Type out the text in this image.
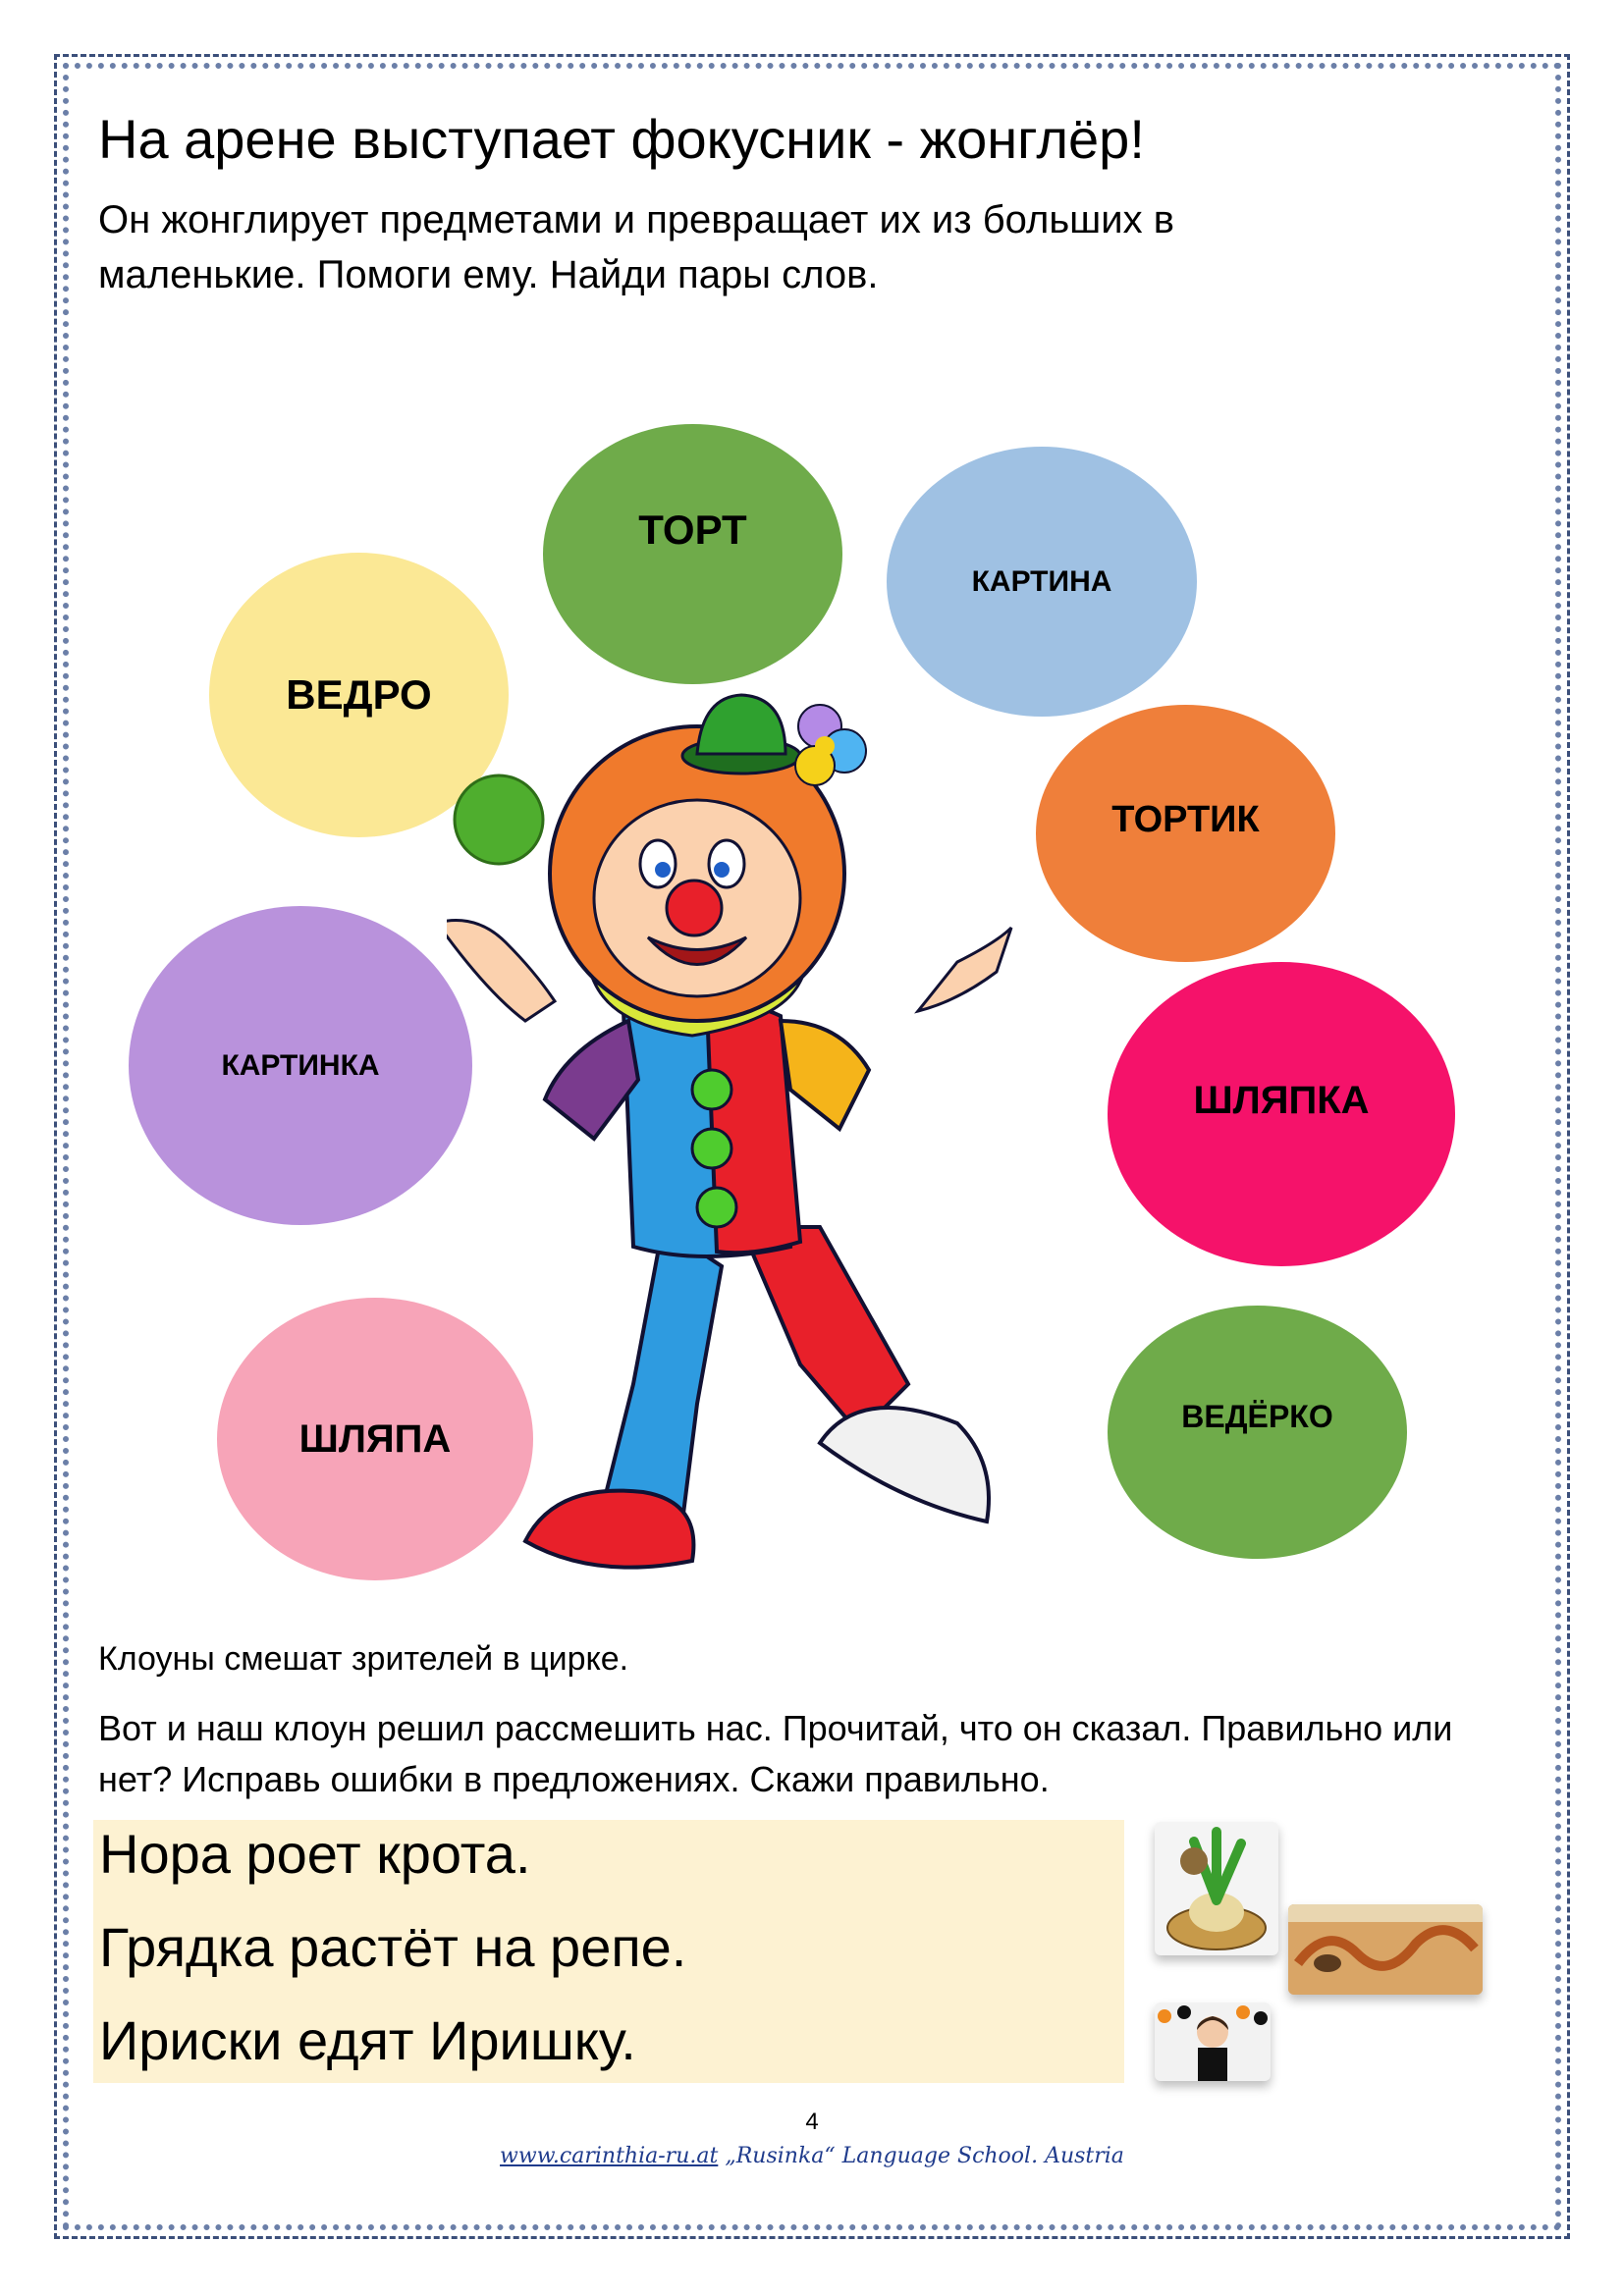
На арене выступает фокусник - жонглёр!
Он жонглирует предметами и превращает их из больших в маленькие. Помоги ему. Найди пары слов.
ВЕДРО
ТОРТ
КАРТИНА
ТОРТИК
КАРТИНКА
ШЛЯПКА
ШЛЯПА
ВЕДЁРКО
Клоуны смешат зрителей в цирке.
Вот и наш клоун решил рассмешить нас. Прочитай, что он сказал. Правильно или нет? Исправь ошибки в предложениях. Скажи правильно.
Нора роет крота.
Грядка растёт на репе.
Ириски едят Иришку.
4
www.carinthia-ru.at „Rusinka“ Language School. Austria
